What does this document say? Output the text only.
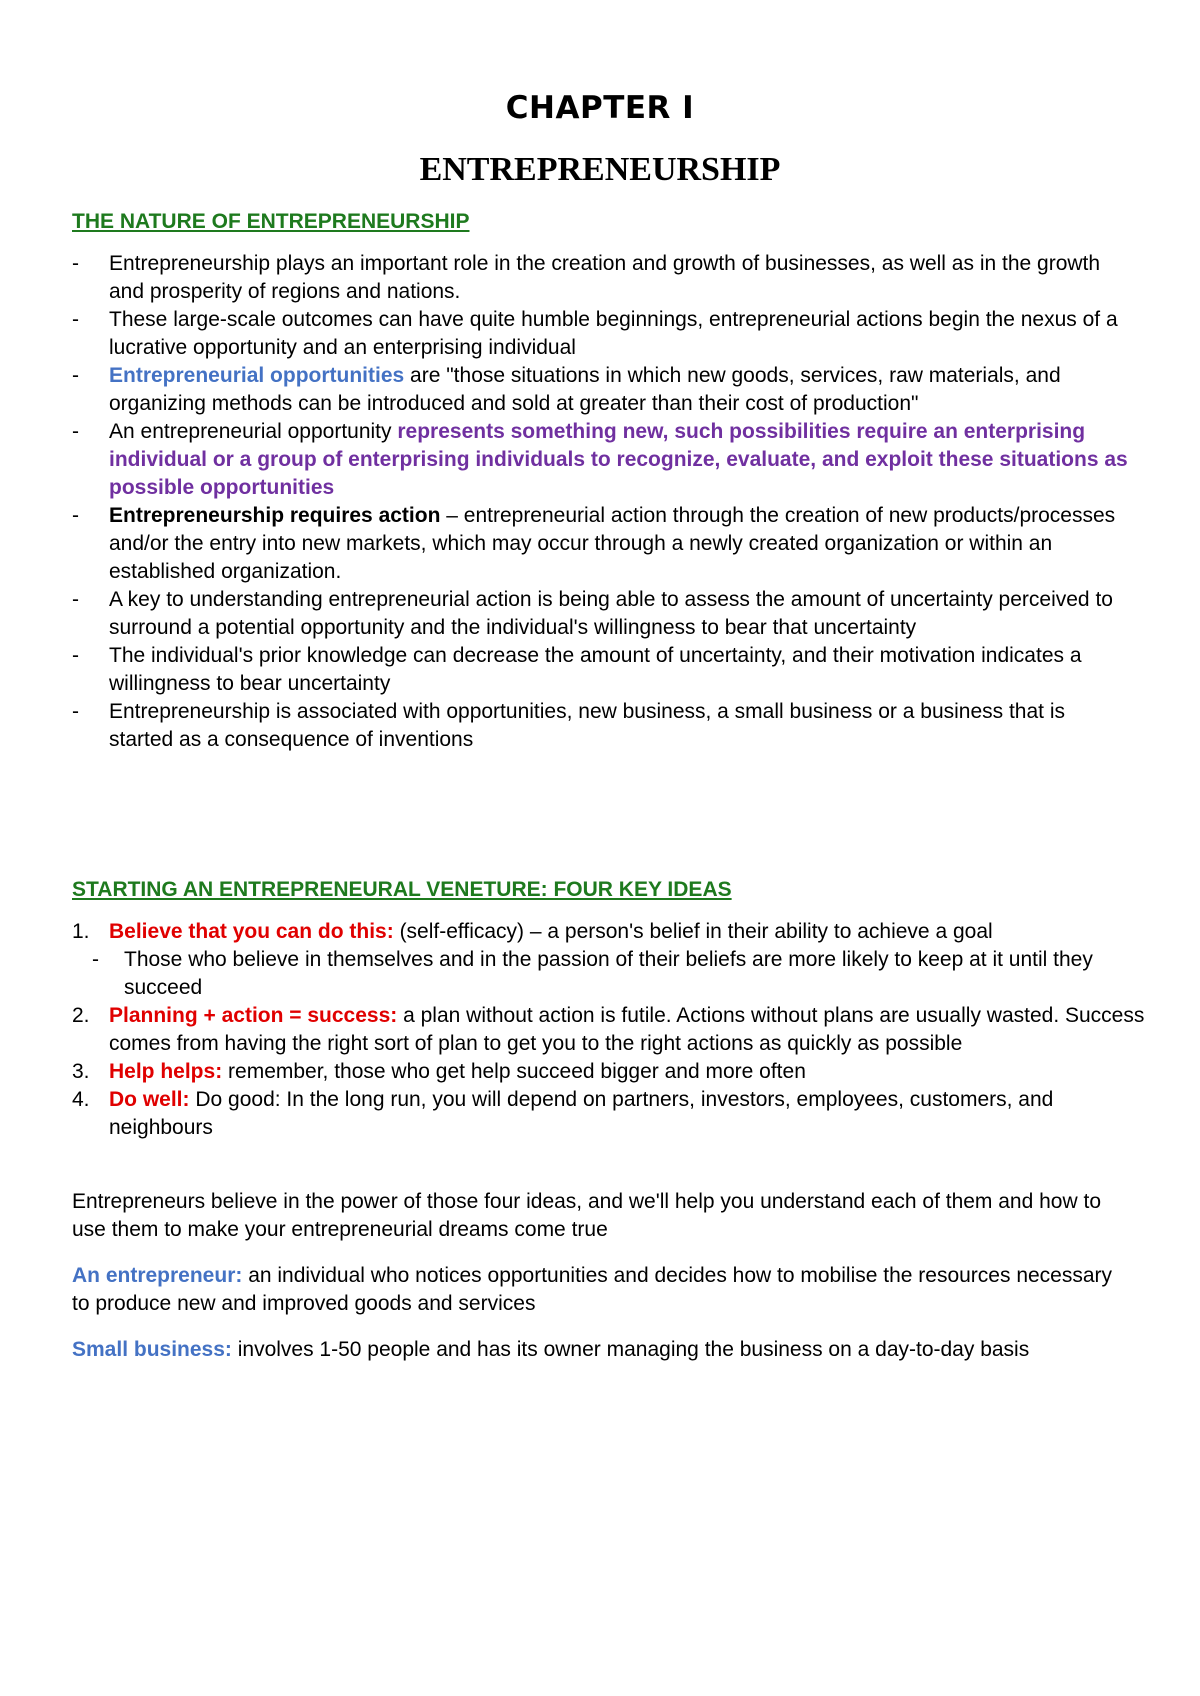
CHAPTER I
ENTREPRENEURSHIP
THE NATURE OF ENTREPRENEURSHIP
-	Entrepreneurship plays an important role in the creation and growth of businesses, as well as in the growth and prosperity of regions and nations.
-	These large-scale outcomes can have quite humble beginnings, entrepreneurial actions begin the nexus of a lucrative opportunity and an enterprising individual
-	Entrepreneurial opportunities are "those situations in which new goods, services, raw materials, and organizing methods can be introduced and sold at greater than their cost of production"
-	An entrepreneurial opportunity represents something new, such possibilities require an enterprising individual or a group of enterprising individuals to recognize, evaluate, and exploit these situations as possible opportunities
-	Entrepreneurship requires action – entrepreneurial action through the creation of new products/processes and/or the entry into new markets, which may occur through a newly created organization or within an established organization.
-	A key to understanding entrepreneurial action is being able to assess the amount of uncertainty perceived to surround a potential opportunity and the individual's willingness to bear that uncertainty
-	The individual's prior knowledge can decrease the amount of uncertainty, and their motivation indicates a willingness to bear uncertainty
-	Entrepreneurship is associated with opportunities, new business, a small business or a business that is started as a consequence of inventions
STARTING AN ENTREPRENEURAL VENETURE: FOUR KEY IDEAS
1. Believe that you can do this: (self-efficacy) – a person's belief in their ability to achieve a goal
- Those who believe in themselves and in the passion of their beliefs are more likely to keep at it until they succeed
2. Planning + action = success: a plan without action is futile. Actions without plans are usually wasted. Success comes from having the right sort of plan to get you to the right actions as quickly as possible
3. Help helps: remember, those who get help succeed bigger and more often
4. Do well: Do good: In the long run, you will depend on partners, investors, employees, customers, and neighbours

Entrepreneurs believe in the power of those four ideas, and we'll help you understand each of them and how to use them to make your entrepreneurial dreams come true

An entrepreneur: an individual who notices opportunities and decides how to mobilise the resources necessary to produce new and improved goods and services

Small business: involves 1-50 people and has its owner managing the business on a day-to-day basis
